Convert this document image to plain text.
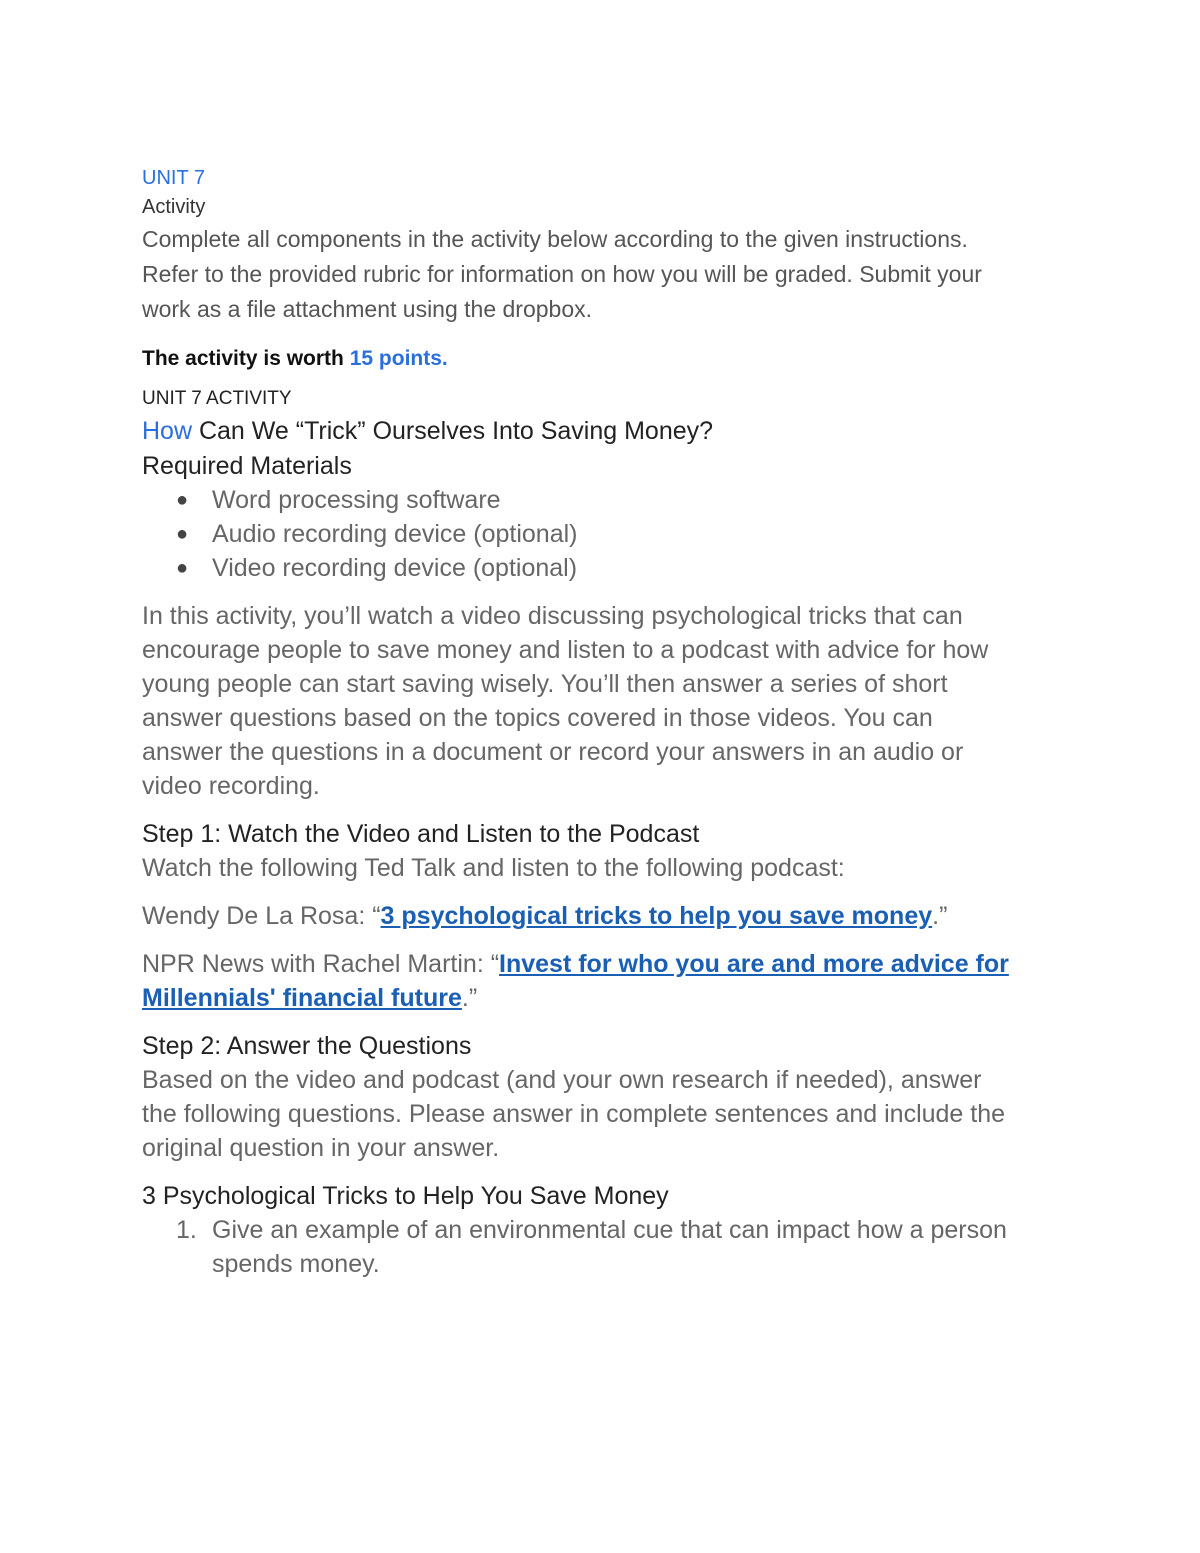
UNIT 7
Activity

Complete all components in the activity below according to the given instructions.

Refer to the provided rubric for information on how you will be graded. Submit your

work as a file attachment using the dropbox.

The activity is worth 15 points.
UNIT 7 ACTIVITY
How Can We “Trick” Ourselves Into Saving Money?
Required Materials
● Word processing software
● Audio recording device (optional)
● Video recording device (optional)

In this activity, you’ll watch a video discussing psychological tricks that can

encourage people to save money and listen to a podcast with advice for how

young people can start saving wisely. You’ll then answer a series of short

answer questions based on the topics covered in those videos. You can

answer the questions in a document or record your answers in an audio or

video recording.

Step 1: Watch the Video and Listen to the Podcast

Watch the following Ted Talk and listen to the following podcast:

Wendy De La Rosa: “3 psychological tricks to help you save money.”
NPR News with Rachel Martin: “Invest for who you are and more advice for
Millennials' financial future.”
Step 2: Answer the Questions

Based on the video and podcast (and your own research if needed), answer

the following questions. Please answer in complete sentences and include the

original question in your answer.

3 Psychological Tricks to Help You Save Money
1. Give an example of an environmental cue that can impact how a person
spends money.
